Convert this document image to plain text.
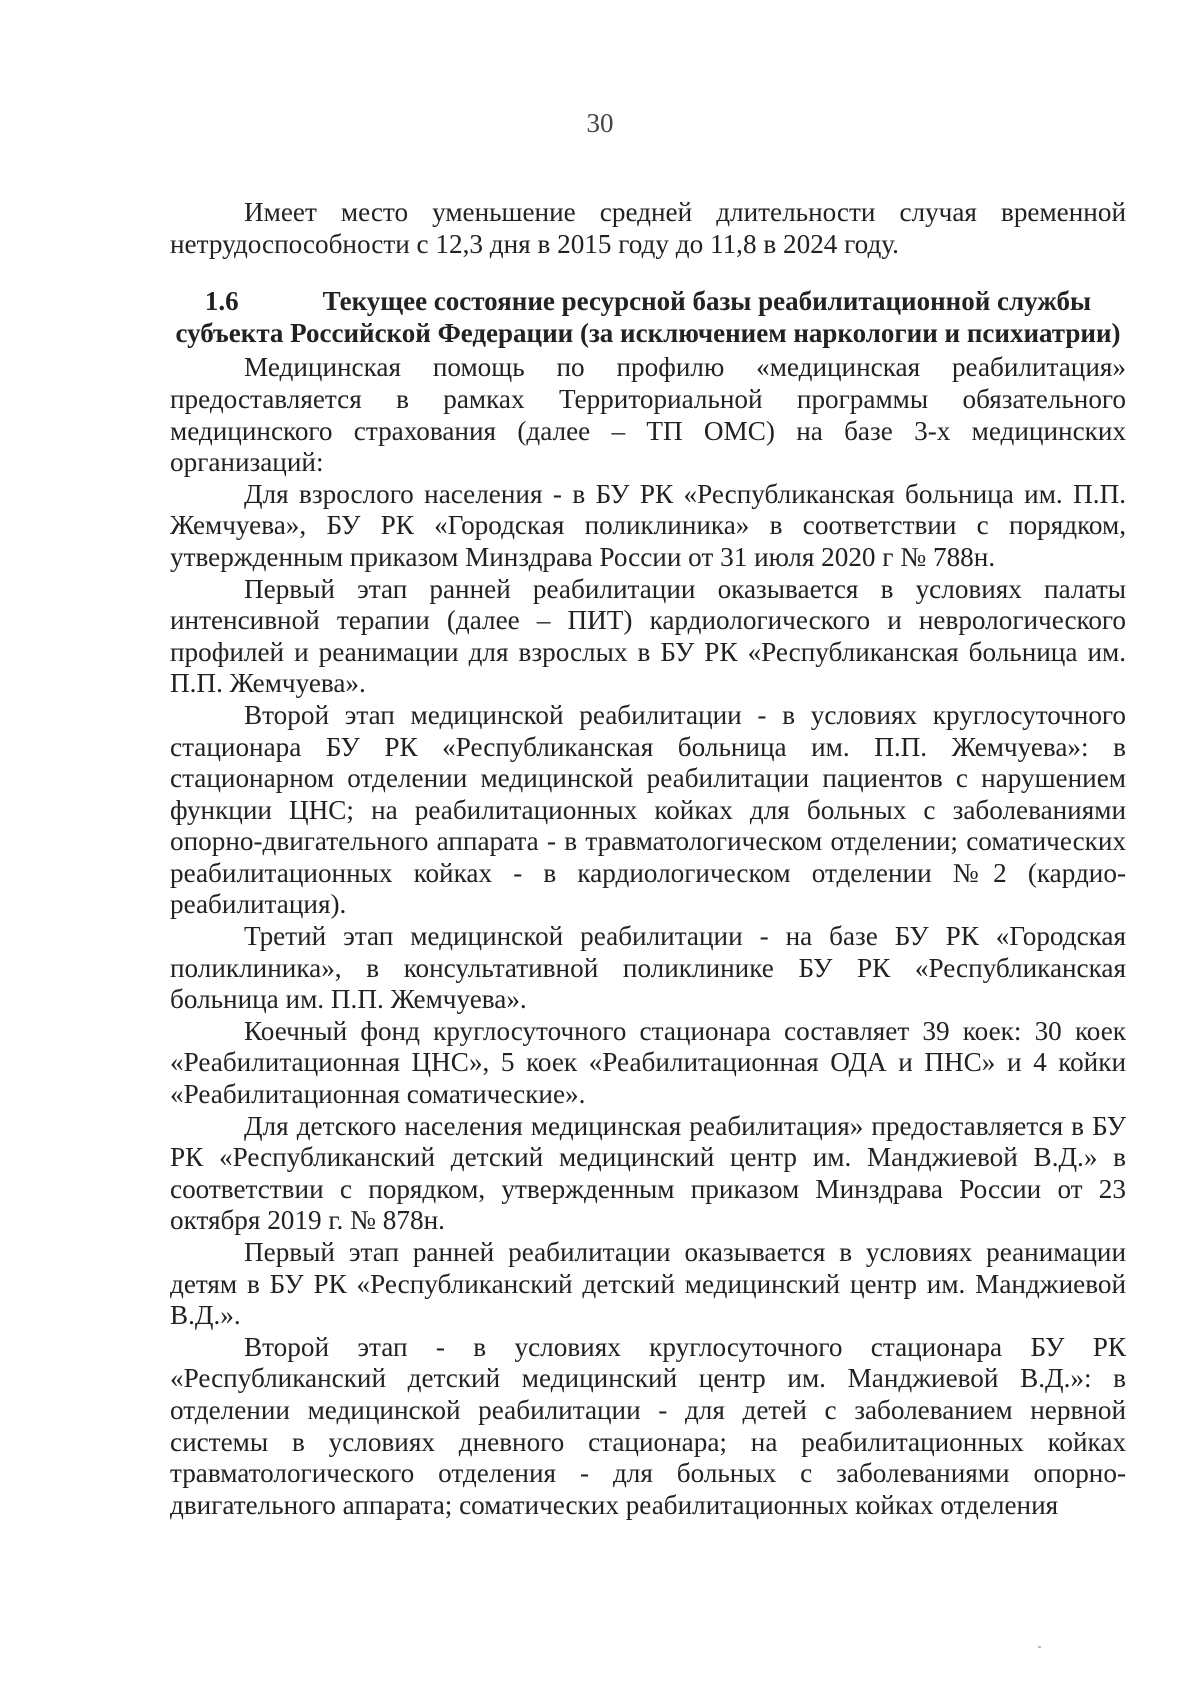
30

Имеет место уменьшение средней длительности случая временной нетрудоспособности с 12,3 дня в 2015 году до 11,8 в 2024 году.

1.6	Текущее состояние ресурсной базы реабилитационной службы субъекта Российской Федерации (за исключением наркологии и психиатрии)

Медицинская помощь по профилю «медицинская реабилитация» предоставляется в рамках Территориальной программы обязательного медицинского страхования (далее – ТП ОМС) на базе 3-х медицинских организаций:

Для взрослого населения - в БУ РК «Республиканская больница им. П.П. Жемчуева», БУ РК «Городская поликлиника» в соответствии с порядком, утвержденным приказом Минздрава России от 31 июля 2020 г № 788н.

Первый этап ранней реабилитации оказывается в условиях палаты интенсивной терапии (далее – ПИТ) кардиологического и неврологического профилей и реанимации для взрослых в БУ РК «Республиканская больница им. П.П. Жемчуева».

Второй этап медицинской реабилитации - в условиях круглосуточного стационара БУ РК «Республиканская больница им. П.П. Жемчуева»: в стационарном отделении медицинской реабилитации пациентов с нарушением функции ЦНС; на реабилитационных койках для больных с заболеваниями опорно-двигательного аппарата - в травматологическом отделении; соматических реабилитационных койках - в кардиологическом отделении №2 (кардио-реабилитация).

Третий этап медицинской реабилитации - на базе БУ РК «Городская поликлиника», в консультативной поликлинике БУ РК «Республиканская больница им. П.П. Жемчуева».

Коечный фонд круглосуточного стационара составляет 39 коек: 30 коек «Реабилитационная ЦНС», 5 коек «Реабилитационная ОДА и ПНС» и 4 койки «Реабилитационная соматические».

Для детского населения медицинская реабилитация» предоставляется в БУ РК «Республиканский детский медицинский центр им. Манджиевой В.Д.» в соответствии с порядком, утвержденным приказом Минздрава России от 23 октября 2019 г. № 878н.

Первый этап ранней реабилитации оказывается в условиях реанимации детям в БУ РК «Республиканский детский медицинский центр им. Манджиевой В.Д.».

Второй этап - в условиях круглосуточного стационара БУ РК «Республиканский детский медицинский центр им. Манджиевой В.Д.»: в отделении медицинской реабилитации - для детей с заболеванием нервной системы в условиях дневного стационара; на реабилитационных койках травматологического отделения - для больных с заболеваниями опорно-двигательного аппарата; соматических реабилитационных койках отделения
